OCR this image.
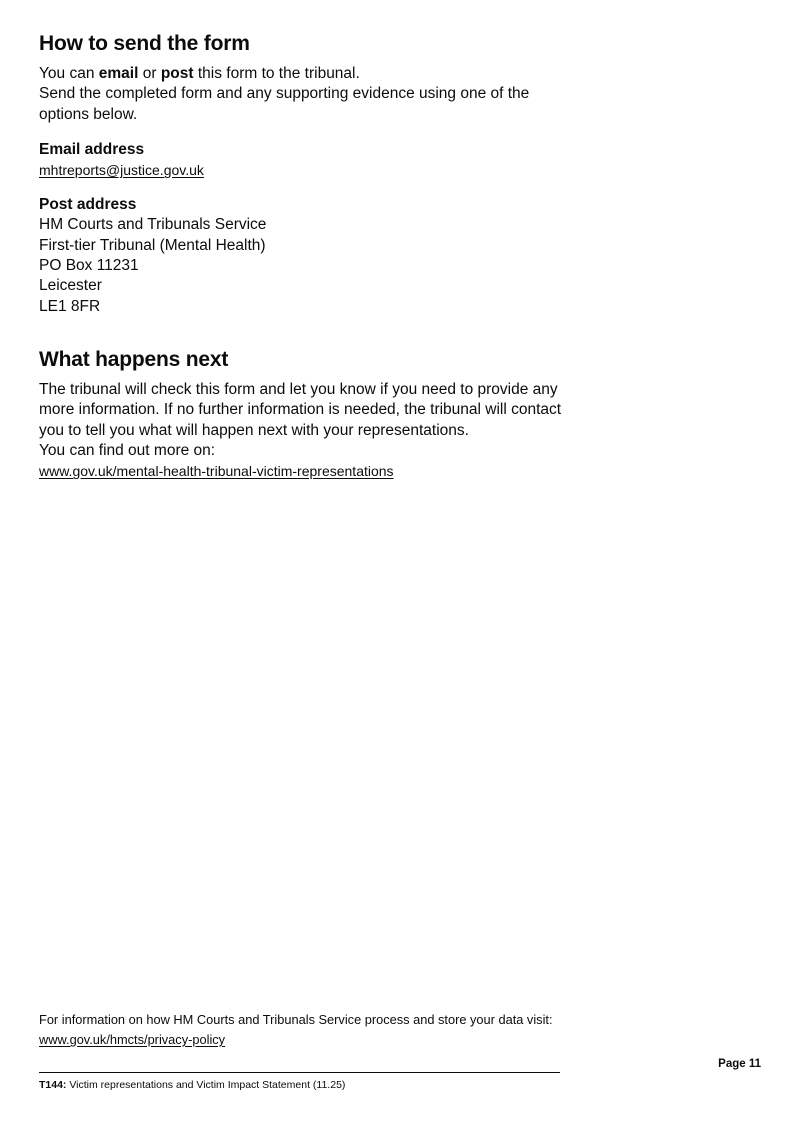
How to send the form

You can email or post this form to the tribunal.

Send the completed form and any supporting evidence using one of the options below.

Email address

mhtreports@justice.gov.uk

Post address

HM Courts and Tribunals Service

First-tier Tribunal (Mental Health)

PO Box 11231

Leicester

LE1 8FR

What happens next

The tribunal will check this form and let you know if you need to provide any more information. If no further information is needed, the tribunal will contact you to tell you what will happen next with your representations.

You can find out more on:

www.gov.uk/mental-health-tribunal-victim-representations

For information on how HM Courts and Tribunals Service process and store your data visit:

www.gov.uk/hmcts/privacy-policy
Page 11
T144: Victim representations and Victim Impact Statement (11.25)
